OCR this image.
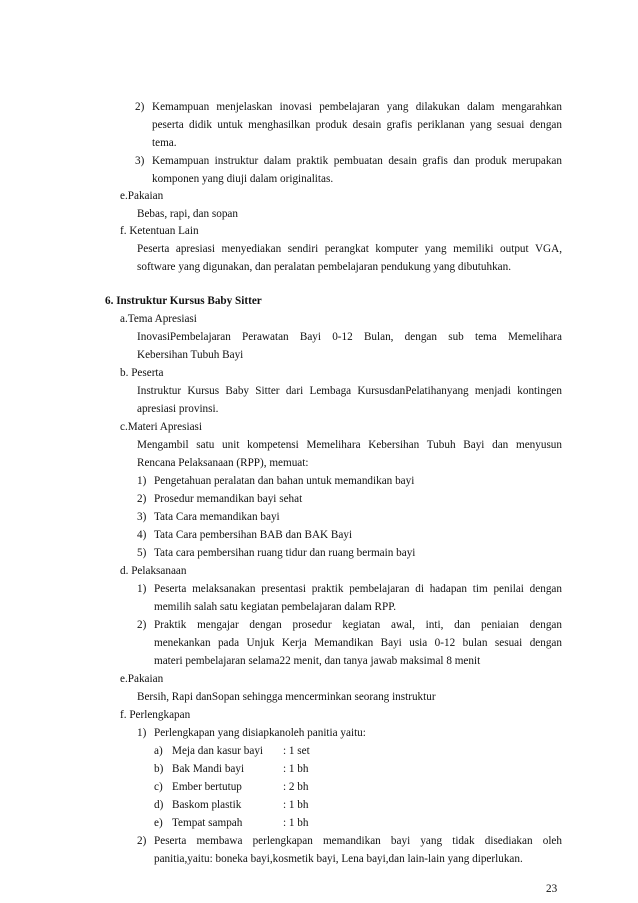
2) Kemampuan menjelaskan inovasi pembelajaran yang dilakukan dalam mengarahkan
peserta didik untuk menghasilkan produk desain grafis periklanan yang sesuai dengan
tema.
3) Kemampuan instruktur dalam praktik pembuatan desain grafis dan produk merupakan
komponen yang diuji dalam originalitas.
e.Pakaian
Bebas, rapi, dan sopan
f. Ketentuan Lain
Peserta apresiasi menyediakan sendiri perangkat komputer yang memiliki output VGA,
software yang digunakan, dan peralatan pembelajaran pendukung yang dibutuhkan.
6. Instruktur Kursus Baby Sitter
a.Tema Apresiasi
InovasiPembelajaran Perawatan Bayi 0-12 Bulan, dengan sub tema Memelihara
Kebersihan Tubuh Bayi
b. Peserta
Instruktur Kursus Baby Sitter dari Lembaga KursusdanPelatihanyang menjadi kontingen
apresiasi provinsi.
c.Materi Apresiasi
Mengambil satu unit kompetensi Memelihara Kebersihan Tubuh Bayi dan menyusun
Rencana Pelaksanaan (RPP), memuat:
1) Pengetahuan peralatan dan bahan untuk memandikan bayi
2) Prosedur memandikan bayi sehat
3) Tata Cara memandikan bayi
4) Tata Cara pembersihan BAB dan BAK Bayi
5) Tata cara pembersihan ruang tidur dan ruang bermain bayi
d. Pelaksanaan
1) Peserta melaksanakan presentasi praktik pembelajaran di hadapan tim penilai dengan
memilih salah satu kegiatan pembelajaran dalam RPP.
2) Praktik mengajar dengan prosedur kegiatan awal, inti, dan peniaian dengan
menekankan pada Unjuk Kerja Memandikan Bayi usia 0-12 bulan sesuai dengan
materi pembelajaran selama22 menit, dan tanya jawab maksimal 8 menit
e.Pakaian
Bersih, Rapi danSopan sehingga mencerminkan seorang instruktur
f. Perlengkapan
1) Perlengkapan yang disiapkanoleh panitia yaitu:
a) Meja dan kasur bayi : 1 set
b) Bak Mandi bayi	: 1 bh
c) Ember bertutup	: 2 bh
d) Baskom plastik	: 1 bh
e) Tempat sampah	: 1 bh
2) Peserta membawa perlengkapan memandikan bayi yang tidak disediakan oleh
panitia,yaitu: boneka bayi,kosmetik bayi, Lena bayi,dan lain-lain yang diperlukan.
23
